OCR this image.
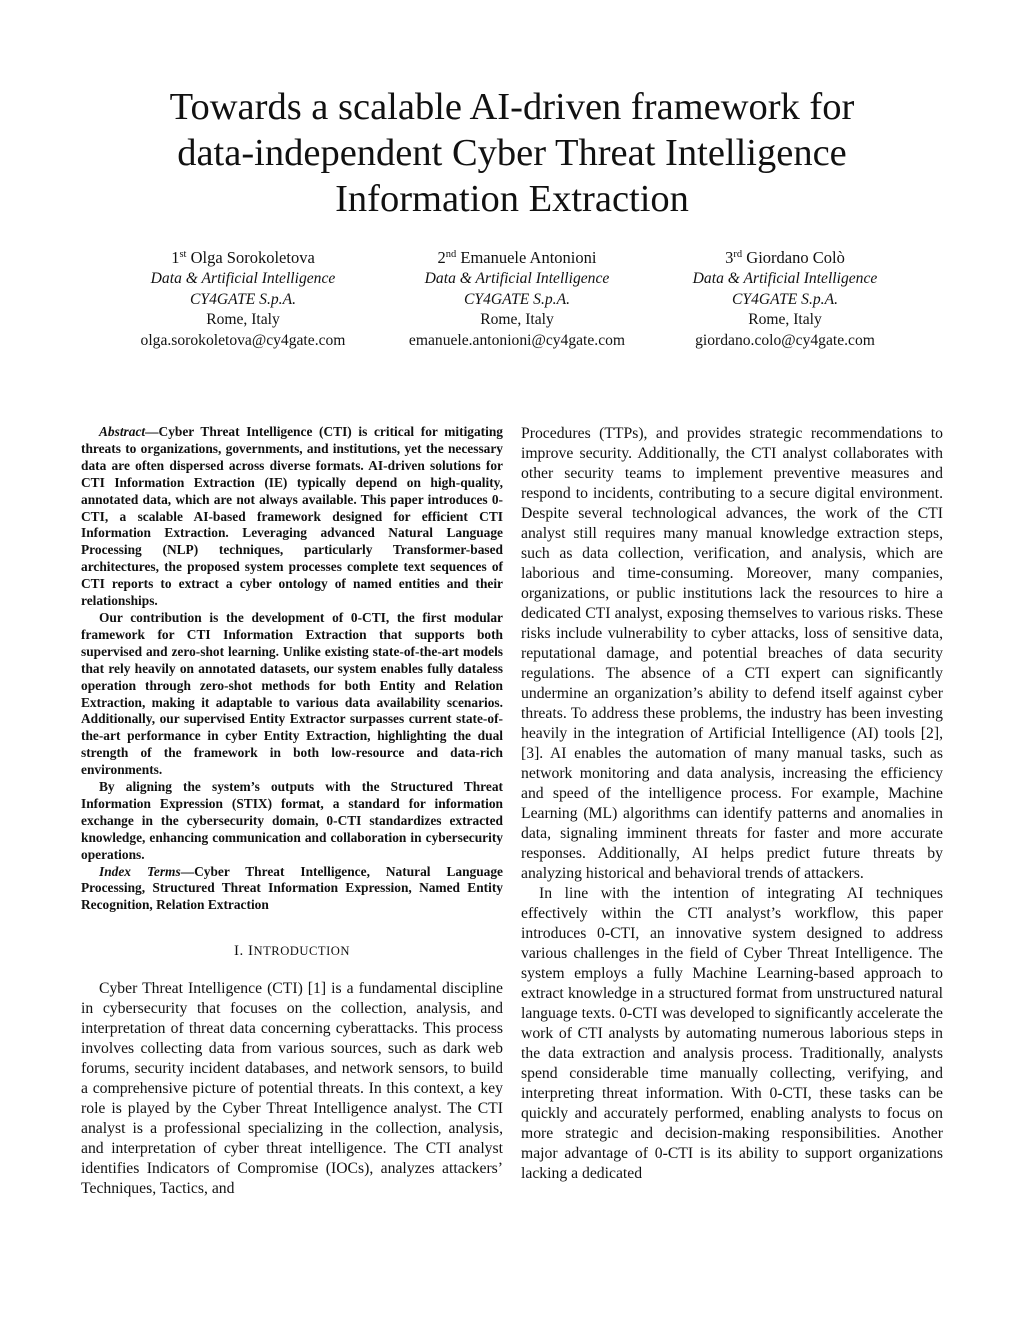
Towards a scalable AI-driven framework for
data-independent Cyber Threat Intelligence
Information Extraction
1st Olga Sorokoletova
Data & Artificial Intelligence
CY4GATE S.p.A.
Rome, Italy
olga.sorokoletova@cy4gate.com
2nd Emanuele Antonioni
Data & Artificial Intelligence
CY4GATE S.p.A.
Rome, Italy
emanuele.antonioni@cy4gate.com
3rd Giordano Colò
Data & Artificial Intelligence
CY4GATE S.p.A.
Rome, Italy
giordano.colo@cy4gate.com

Abstract—Cyber Threat Intelligence (CTI) is critical for mitigating threats to organizations, governments, and institutions, yet the necessary data are often dispersed across diverse formats. AI-driven solutions for CTI Information Extraction (IE) typically depend on high-quality, annotated data, which are not always available. This paper introduces 0-CTI, a scalable AI-based framework designed for efficient CTI Information Extraction. Leveraging advanced Natural Language Processing (NLP) techniques, particularly Transformer-based architectures, the proposed system processes complete text sequences of CTI reports to extract a cyber ontology of named entities and their relationships.

Our contribution is the development of 0-CTI, the first modular framework for CTI Information Extraction that supports both supervised and zero-shot learning. Unlike existing state-of-the-art models that rely heavily on annotated datasets, our system enables fully dataless operation through zero-shot methods for both Entity and Relation Extraction, making it adaptable to various data availability scenarios. Additionally, our supervised Entity Extractor surpasses current state-of-the-art performance in cyber Entity Extraction, highlighting the dual strength of the framework in both low-resource and data-rich environments.

By aligning the system’s outputs with the Structured Threat Information Expression (STIX) format, a standard for information exchange in the cybersecurity domain, 0-CTI standardizes extracted knowledge, enhancing communication and collaboration in cybersecurity operations.

Index Terms—Cyber Threat Intelligence, Natural Language Processing, Structured Threat Information Expression, Named Entity Recognition, Relation Extraction

I. INTRODUCTION

Cyber Threat Intelligence (CTI) [1] is a fundamental discipline in cybersecurity that focuses on the collection, analysis, and interpretation of threat data concerning cyberattacks. This process involves collecting data from various sources, such as dark web forums, security incident databases, and network sensors, to build a comprehensive picture of potential threats. In this context, a key role is played by the Cyber Threat Intelligence analyst. The CTI analyst is a professional specializing in the collection, analysis, and interpretation of cyber threat intelligence. The CTI analyst identifies Indicators of Compromise (IOCs), analyzes attackers’ Techniques, Tactics, and

Procedures (TTPs), and provides strategic recommendations to improve security. Additionally, the CTI analyst collaborates with other security teams to implement preventive measures and respond to incidents, contributing to a secure digital environment. Despite several technological advances, the work of the CTI analyst still requires many manual knowledge extraction steps, such as data collection, verification, and analysis, which are laborious and time-consuming. Moreover, many companies, organizations, or public institutions lack the resources to hire a dedicated CTI analyst, exposing themselves to various risks. These risks include vulnerability to cyber attacks, loss of sensitive data, reputational damage, and potential breaches of data security regulations. The absence of a CTI expert can significantly undermine an organization’s ability to defend itself against cyber threats. To address these problems, the industry has been investing heavily in the integration of Artificial Intelligence (AI) tools [2], [3]. AI enables the automation of many manual tasks, such as network monitoring and data analysis, increasing the efficiency and speed of the intelligence process. For example, Machine Learning (ML) algorithms can identify patterns and anomalies in data, signaling imminent threats for faster and more accurate responses. Additionally, AI helps predict future threats by analyzing historical and behavioral trends of attackers.

In line with the intention of integrating AI techniques effectively within the CTI analyst’s workflow, this paper introduces 0-CTI, an innovative system designed to address various challenges in the field of Cyber Threat Intelligence. The system employs a fully Machine Learning-based approach to extract knowledge in a structured format from unstructured natural language texts. 0-CTI was developed to significantly accelerate the work of CTI analysts by automating numerous laborious steps in the data extraction and analysis process. Traditionally, analysts spend considerable time manually collecting, verifying, and interpreting threat information. With 0-CTI, these tasks can be quickly and accurately performed, enabling analysts to focus on more strategic and decision-making responsibilities. Another major advantage of 0-CTI is its ability to support organizations lacking a dedicated
